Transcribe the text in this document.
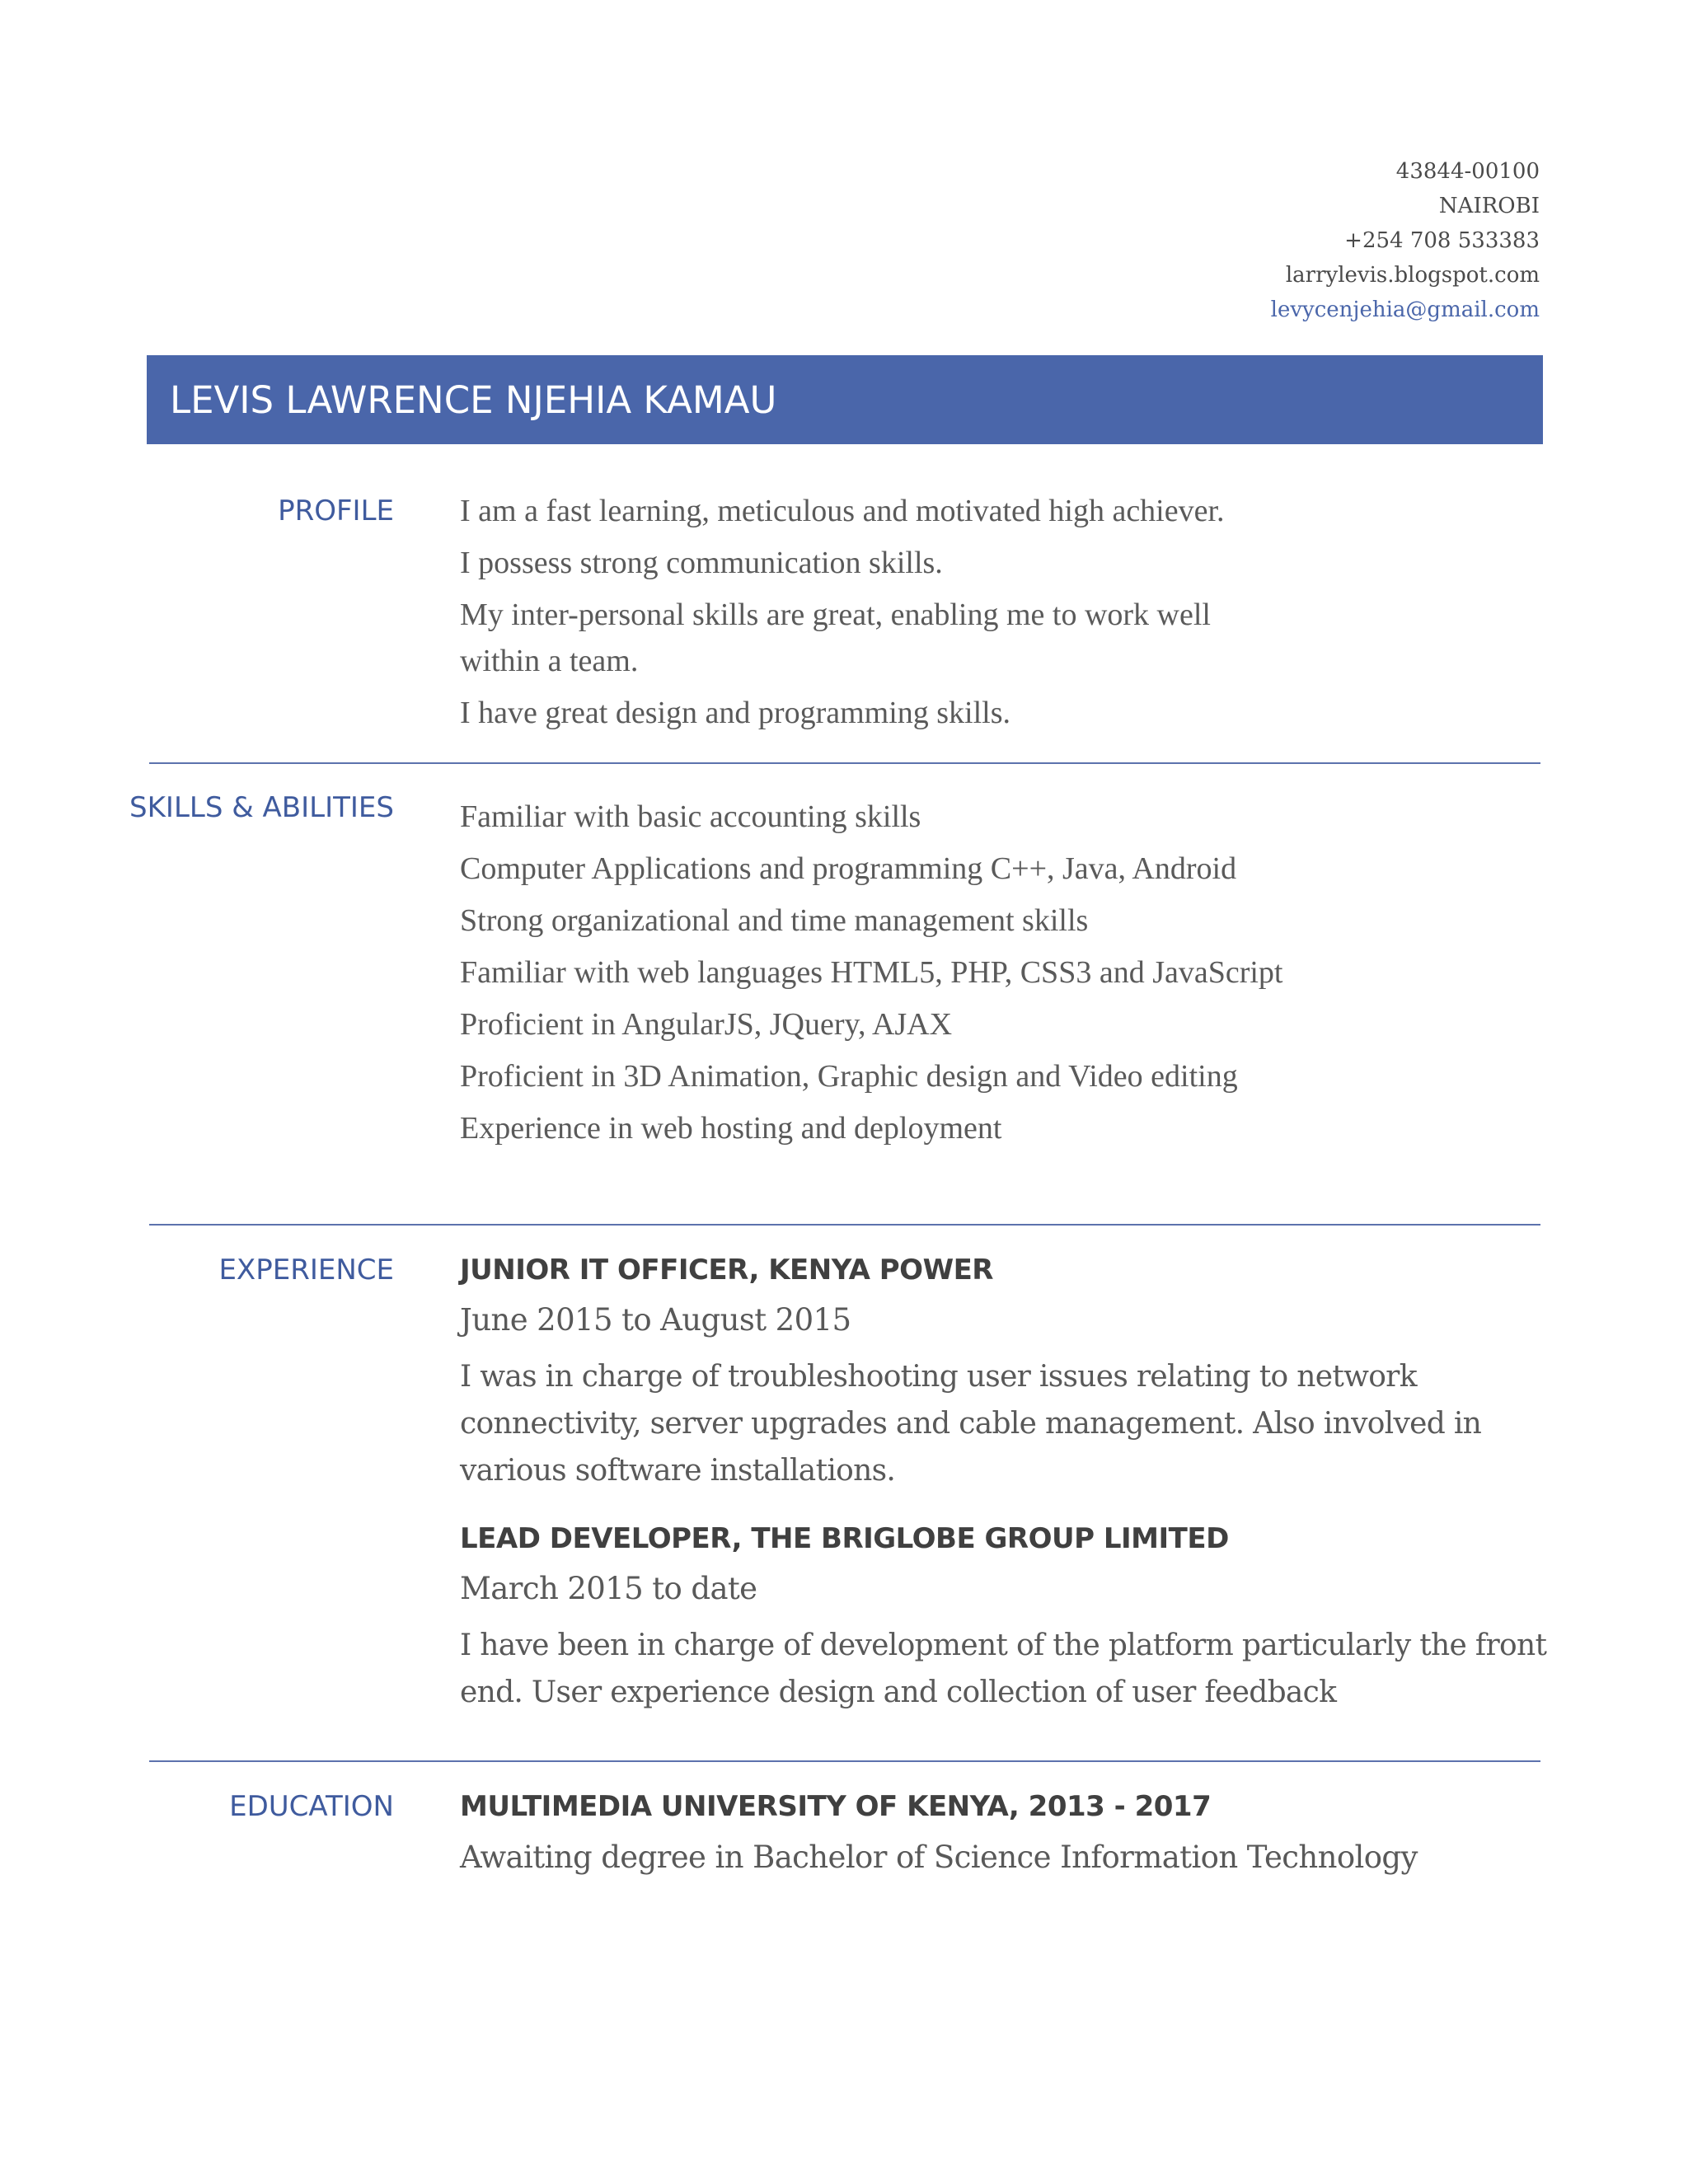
43844-00100
NAIROBI
+254 708 533383
larrylevis.blogspot.com
levycenjehia@gmail.com
LEVIS LAWRENCE NJEHIA KAMAU
PROFILE I am a fast learning, meticulous and motivated high achiever.
I possess strong communication skills.
My inter-personal skills are great, enabling me to work well
within a team.
I have great design and programming skills.
SKILLS & ABILITIES Familiar with basic accounting skills
Computer Applications and programming C++, Java, Android
Strong organizational and time management skills
Familiar with web languages HTML5, PHP, CSS3 and JavaScript
Proficient in AngularJS, JQuery, AJAX
Proficient in 3D Animation, Graphic design and Video editing
Experience in web hosting and deployment
EXPERIENCE JUNIOR IT OFFICER, KENYA POWER
June 2015 to August 2015
I was in charge of troubleshooting user issues relating to network
connectivity, server upgrades and cable management. Also involved in
various software installations.
LEAD DEVELOPER, THE BRIGLOBE GROUP LIMITED
March 2015 to date
I have been in charge of development of the platform particularly the front
end. User experience design and collection of user feedback
EDUCATION MULTIMEDIA UNIVERSITY OF KENYA, 2013 - 2017
Awaiting degree in Bachelor of Science Information Technology
